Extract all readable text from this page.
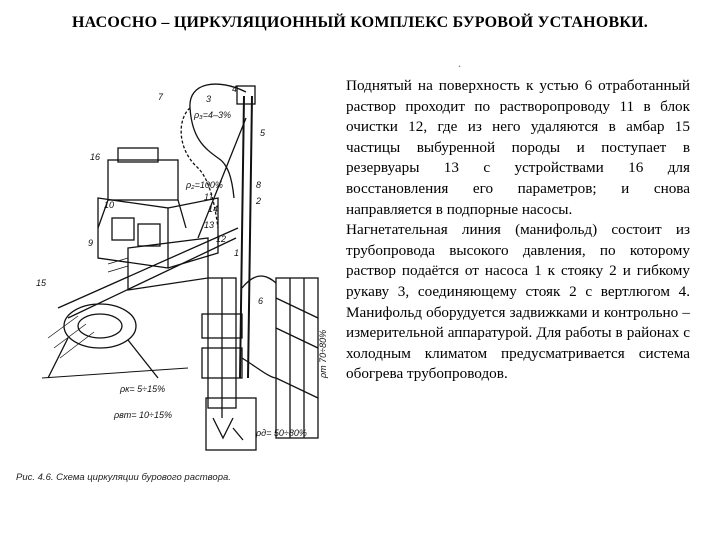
НАСОСНО – ЦИРКУЛЯЦИОННЫЙ КОМПЛЕКС БУРОВОЙ УСТАНОВКИ.
.
4
3
7
ρ₃=4–3%
5
16
ρ₂=100%	8
11	2
14
13
10
12
1
9
15
6
ρк= 5÷15%
ρвт= 10÷15%
ρд= 50÷80%
ρт 70÷80%
Рис. 4.6. Схема циркуляции бурового раствора.

Поднятый на поверхность к устью 6 отработанный раствор проходит по растворопроводу 11 в блок очистки 12, где из него удаляются в амбар 15 частицы выбуренной породы и поступает в резервуары 13 с устройствами 16 для восстановления его параметров; и снова направляется в подпорные насосы.

Нагнетательная линия (манифольд) состоит из трубопровода высокого давления, по которому раствор подаётся от насоса 1 к стояку 2 и гибкому рукаву 3, соединяющему стояк 2 с вертлюгом 4. Манифольд оборудуется задвижками и контрольно – измерительной аппаратурой. Для работы в районах с холодным климатом предусматривается система обогрева трубопроводов.
